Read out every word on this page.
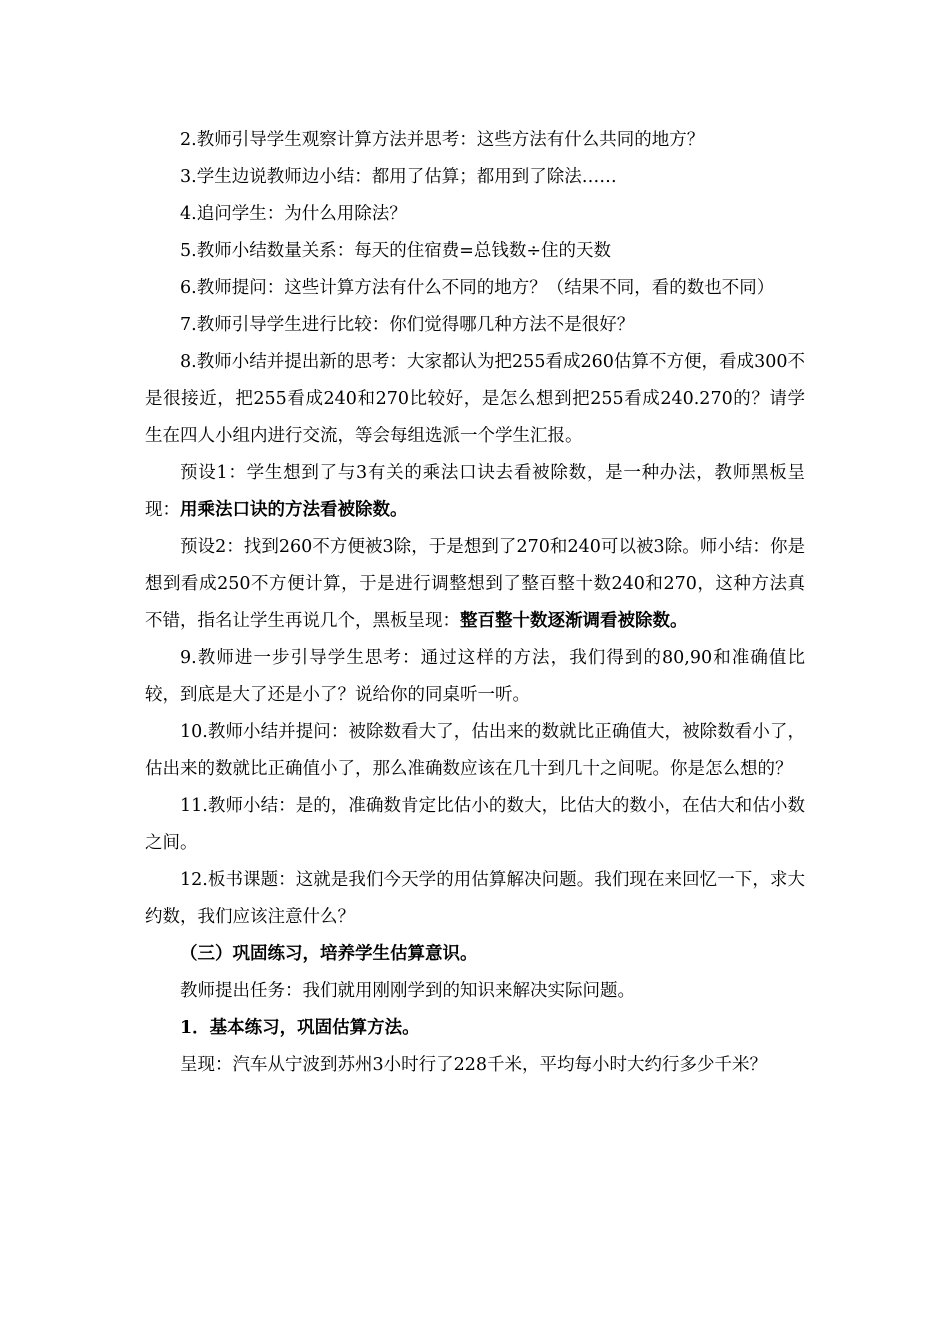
2.教师引导学生观察计算方法并思考：这些方法有什么共同的地方？

3.学生边说教师边小结：都用了估算；都用到了除法……

4.追问学生：为什么用除法？

5.教师小结数量关系：每天的住宿费=总钱数÷住的天数

6.教师提问：这些计算方法有什么不同的地方？（结果不同，看的数也不同）

7.教师引导学生进行比较：你们觉得哪几种方法不是很好？

8.教师小结并提出新的思考：大家都认为把255看成260估算不方便，看成300不是很接近，把255看成240和270比较好，是怎么想到把255看成240.270的？请学生在四人小组内进行交流，等会每组选派一个学生汇报。

预设1：学生想到了与3有关的乘法口诀去看被除数，是一种办法，教师黑板呈现：用乘法口诀的方法看被除数。

预设2：找到260不方便被3除，于是想到了270和240可以被3除。师小结：你是想到看成250不方便计算，于是进行调整想到了整百整十数240和270，这种方法真不错，指名让学生再说几个，黑板呈现：整百整十数逐渐调看被除数。

9.教师进一步引导学生思考：通过这样的方法，我们得到的80,90和准确值比较，到底是大了还是小了？说给你的同桌听一听。

10.教师小结并提问：被除数看大了，估出来的数就比正确值大，被除数看小了，估出来的数就比正确值小了，那么准确数应该在几十到几十之间呢。你是怎么想的？

11.教师小结：是的，准确数肯定比估小的数大，比估大的数小，在估大和估小数之间。

12.板书课题：这就是我们今天学的用估算解决问题。我们现在来回忆一下，求大约数，我们应该注意什么？

（三）巩固练习，培养学生估算意识。

教师提出任务：我们就用刚刚学到的知识来解决实际问题。

1．基本练习，巩固估算方法。

呈现：汽车从宁波到苏州3小时行了228千米，平均每小时大约行多少千米？
